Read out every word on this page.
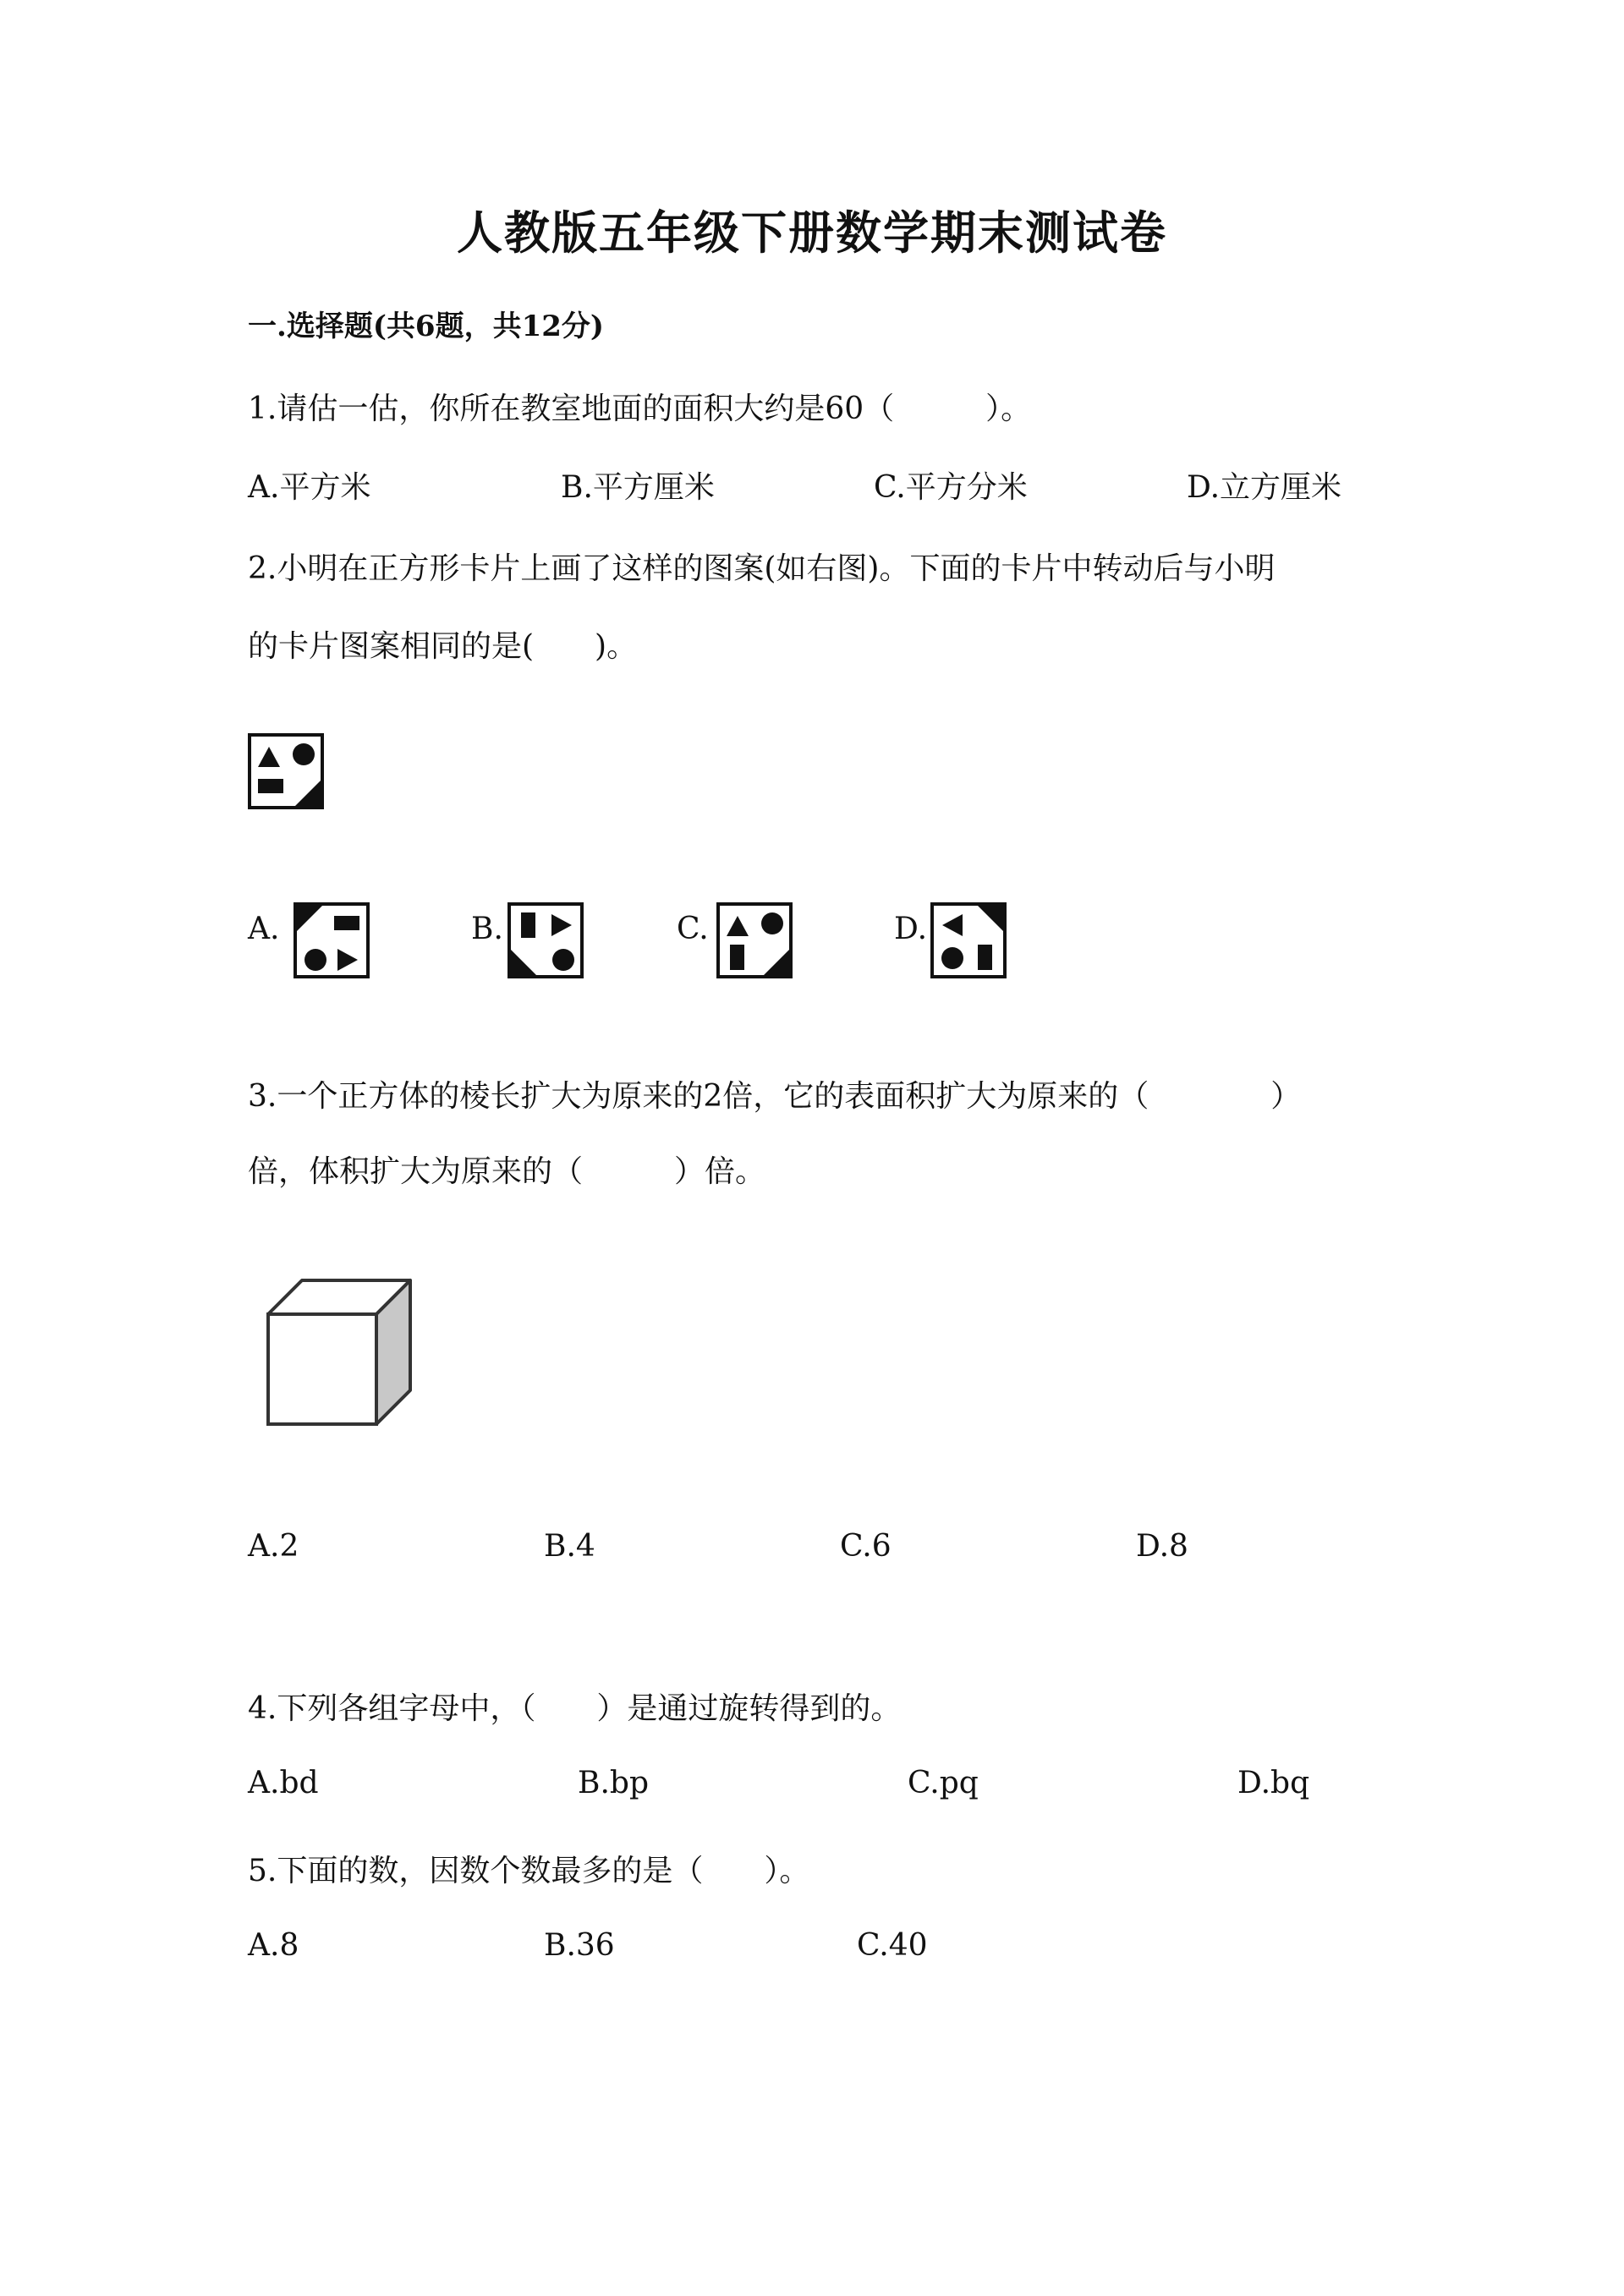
人教版五年级下册数学期末测试卷
一.选择题(共6题，共12分)
1.请估一估，你所在教室地面的面积大约是60（　　　）。
A.平方米	B.平方厘米	C.平方分米	D.立方厘米
2.小明在正方形卡片上画了这样的图案(如右图)。下面的卡片中转动后与小明
的卡片图案相同的是(　　)。
A.	B.	C.	D.
3.一个正方体的棱长扩大为原来的2倍，它的表面积扩大为原来的（　　　　）
倍，体积扩大为原来的（　　　）倍。
A.2	B.4	C.6	D.8
4.下列各组字母中，（　　）是通过旋转得到的。
A.bd	B.bp	C.pq	D.bq
5.下面的数，因数个数最多的是（　　）。
A.8	B.36	C.40
